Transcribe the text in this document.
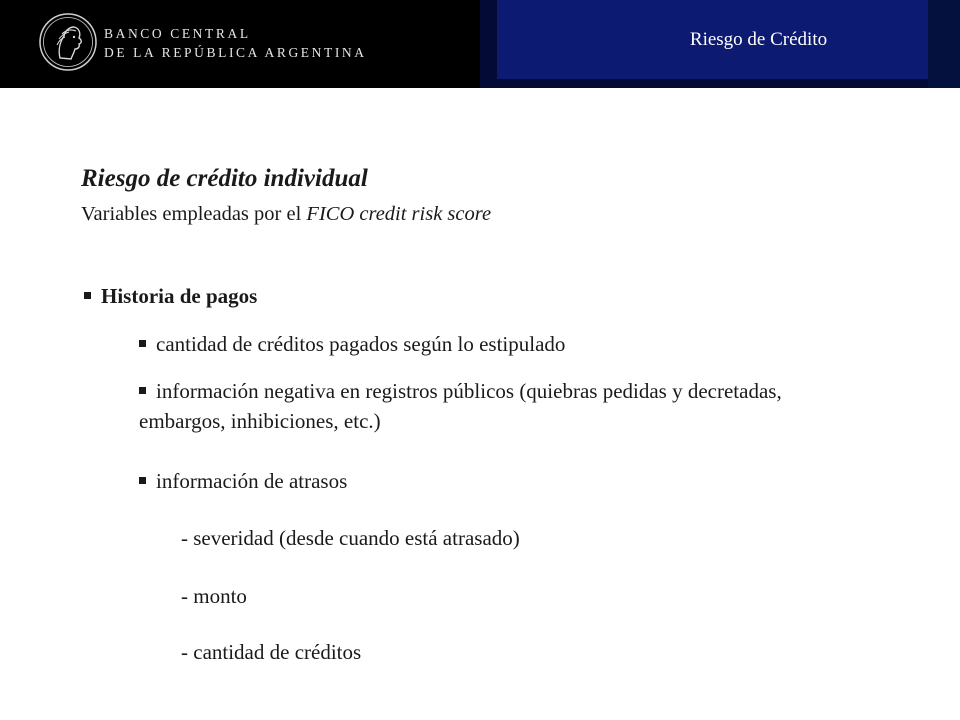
BANCO CENTRAL
DE LA REPÚBLICA ARGENTINA
Riesgo de Crédito
Riesgo de crédito individual
Variables empleadas por el FICO credit risk score
Historia de pagos
cantidad de créditos pagados según lo estipulado
información negativa en registros públicos (quiebras pedidas y decretadas, embargos, inhibiciones, etc.)
información de atrasos
- severidad (desde cuando está atrasado)
- monto
- cantidad de créditos
